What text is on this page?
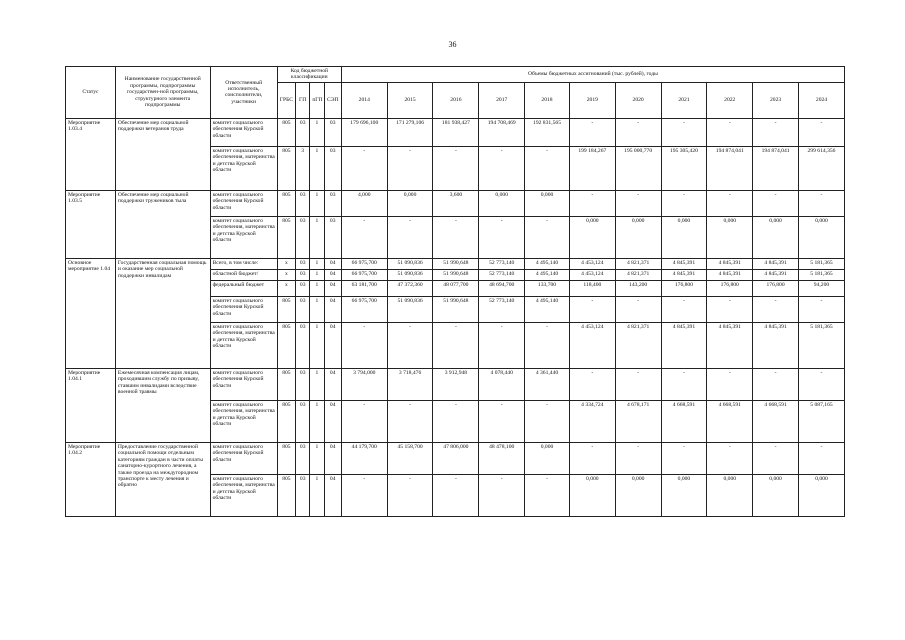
36
Статус	Наименование государственной программы, подпрограммы государствен-ной программы, структурного элемента подпрограммы	Ответственный исполнитель, соисполнители, участники	Код бюджетной классификации				Объемы бюджетных ассигнований (тыс. рублей), годы										
			ГРБС	ГП	пГП	СЭП	2014	2015	2016	2017	2018	2019	2020	2021	2022	2023	2024
Мероприятие 1.03.4	Обеспечение мер социальной поддержки ветеранов труда	комитет социального обеспечения Курской области	805	03	1	03	179 696,100	171 279,106	181 938,427	194 708,469	192 831,565	-	-	-	-	-	-
		комитет социального обеспечения, материнства и детства Курской области	805	3	1	03	-	-	-	-	-	199 184,267	195 000,770	195 305,420	194 874,041	194 874,041	299 614,356
Мероприятие 1.03.5	Обеспечение мер социальной поддержки тружеников тыла	комитет социального обеспечения Курской области	805	03	1	03	4,000	0,000	3,600	0,000	0,000	-	-	-	-	-	-
		комитет социального обеспечения, материнства и детства Курской области	805	03	1	03	-	-	-	-	-	0,000	0,000	0,000	0,000	0,000	0,000
Основное мероприятие 1.04	Государственная социальная помощь и оказание мер социальной поддержки инвалидам	Всего, в том числе:	x	03	1	04	66 975,700	51 090,836	51 990,648	52 773,140	4 495,140	4 453,124	4 821,371	4 845,391	4 845,391	4 845,391	5 181,365
		областной бюджет/	x	03	1	04	66 975,700	51 090,836	51 990,648	52 773,140	4 495,140	4 453,124	4 821,371	4 845,391	4 845,391	4 845,391	5 181,365
		федеральный бюджет	x	03	1	04	63 181,700	47 372,360	48 077,700	48 694,700	133,700	118,400	143,200	176,800	176,800	176,800	94,200
		комитет социального обеспечения Курской области	805	03	1	04	66 975,700	51 090,836	51 990,648	52 773,140	4 495,140	-	-	-	-	-	-
		комитет социального обеспечения, материнства и детства Курской области	805	03	1	04	-	-	-	-	-	4 453,124	4 821,371	4 845,391	4 845,391	4 845,391	5 181,365
Мероприятие 1.04.1	Ежемесячная компенсация лицам, проходившим службу по призыву, ставшим инвалидами вследствие военной травмы	комитет социального обеспечения Курской области	805	03	1	04	3 794,000	3 718,476	3 912,948	4 078,440	4 361,440	-	-	-	-	-	-
		комитет социального обеспечения, материнства и детства Курской области	805	03	1	04	-	-	-	-	-	4 334,724	4 678,171	4 668,591	4 668,591	4 668,591	5 087,165
Мероприятие 1.04.2	Предоставление государственной социальной помощи отдельным категориям граждан в части оплаты санаторно-курортного лечения, а также проезда на междугородном транспорте к месту лечения и обратно	комитет социального обеспечения Курской области	805	03	1	04	44 179,700	45 158,700	47 806,000	48 478,100	0,000	-	-	-	-	-	-
		комитет социального обеспечения, материнства и детства Курской области	805	03	1	04	-	-	-	-	-	0,000	0,000	0,000	0,000	0,000	0,000
